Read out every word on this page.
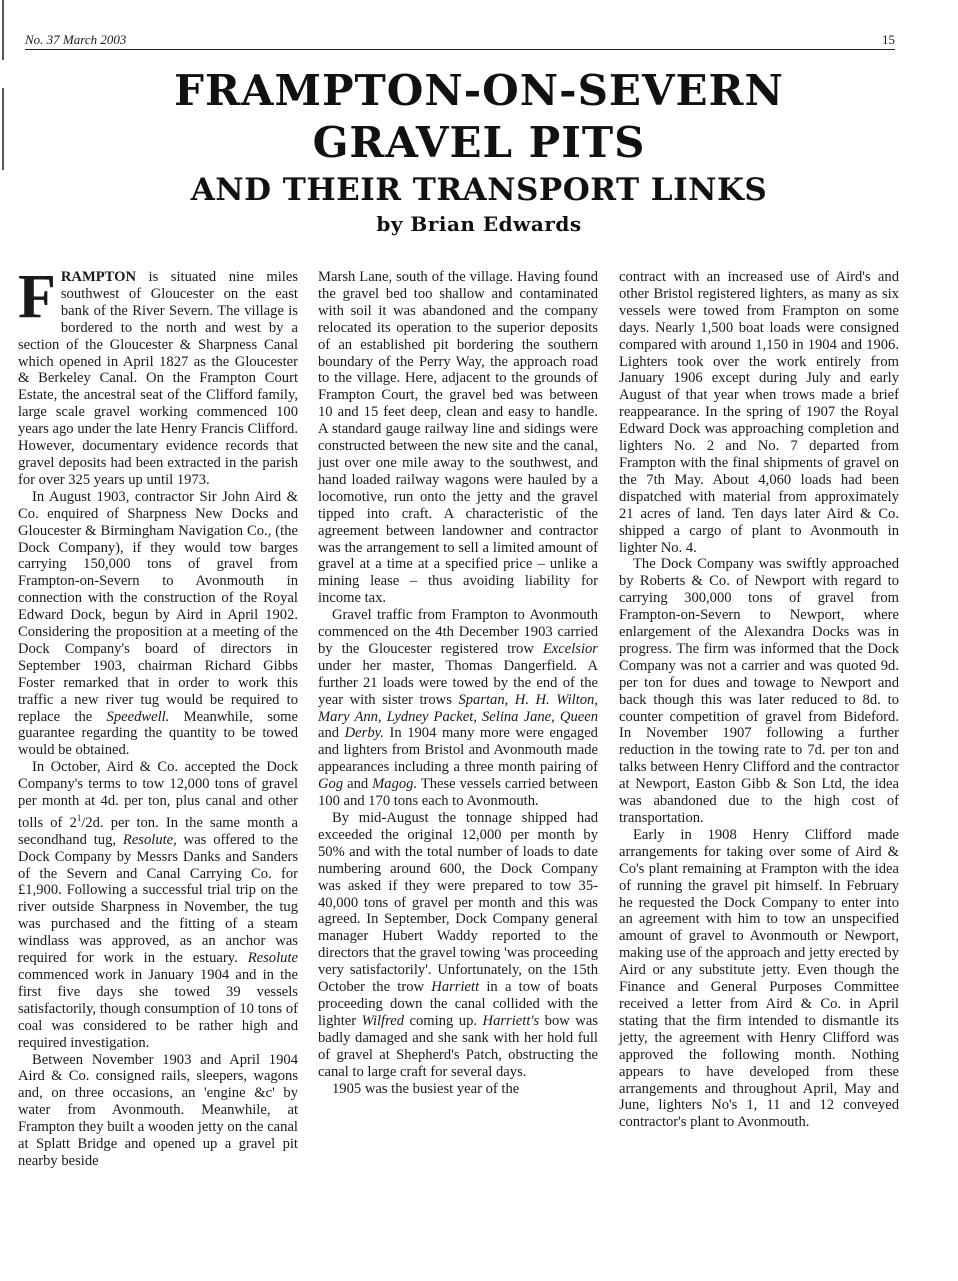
No. 37 March 2003	15
FRAMPTON-ON-SEVERN
GRAVEL PITS
AND THEIR TRANSPORT LINKS
by Brian Edwards

FRAMPTON is situated nine miles southwest of Gloucester on the east bank of the River Severn. The village is bordered to the north and west by a section of the Gloucester & Sharpness Canal which opened in April 1827 as the Gloucester & Berkeley Canal. On the Frampton Court Estate, the ancestral seat of the Clifford family, large scale gravel working commenced 100 years ago under the late Henry Francis Clifford. However, documentary evidence records that gravel deposits had been extracted in the parish for over 325 years up until 1973.

In August 1903, contractor Sir John Aird & Co. enquired of Sharpness New Docks and Gloucester & Birmingham Navigation Co., (the Dock Company), if they would tow barges carrying 150,000 tons of gravel from Frampton-on-Severn to Avonmouth in connection with the construction of the Royal Edward Dock, begun by Aird in April 1902. Considering the proposition at a meeting of the Dock Company's board of directors in September 1903, chairman Richard Gibbs Foster remarked that in order to work this traffic a new river tug would be required to replace the Speedwell. Meanwhile, some guarantee regarding the quantity to be towed would be obtained.

In October, Aird & Co. accepted the Dock Company's terms to tow 12,000 tons of gravel per month at 4d. per ton, plus canal and other tolls of $2^1/2d$. per ton. In the same month a secondhand tug, Resolute, was offered to the Dock Company by Messrs Danks and Sanders of the Severn and Canal Carrying Co. for £1,900. Following a successful trial trip on the river outside Sharpness in November, the tug was purchased and the fitting of a steam windlass was approved, as an anchor was required for work in the estuary. Resolute commenced work in January 1904 and in the first five days she towed 39 vessels satisfactorily, though consumption of 10 tons of coal was considered to be rather high and required investigation.

Between November 1903 and April 1904 Aird & Co. consigned rails, sleepers, wagons and, on three occasions, an 'engine &c' by water from Avonmouth. Meanwhile, at Frampton they built a wooden jetty on the canal at Splatt Bridge and opened up a gravel pit nearby beside

Marsh Lane, south of the village. Having found the gravel bed too shallow and contaminated with soil it was abandoned and the company relocated its operation to the superior deposits of an established pit bordering the southern boundary of the Perry Way, the approach road to the village. Here, adjacent to the grounds of Frampton Court, the gravel bed was between 10 and 15 feet deep, clean and easy to handle. A standard gauge railway line and sidings were constructed between the new site and the canal, just over one mile away to the southwest, and hand loaded railway wagons were hauled by a locomotive, run onto the jetty and the gravel tipped into craft. A characteristic of the agreement between landowner and contractor was the arrangement to sell a limited amount of gravel at a time at a specified price – unlike a mining lease – thus avoiding liability for income tax.

Gravel traffic from Frampton to Avonmouth commenced on the 4th December 1903 carried by the Gloucester registered trow Excelsior under her master, Thomas Dangerfield. A further 21 loads were towed by the end of the year with sister trows Spartan, H. H. Wilton, Mary Ann, Lydney Packet, Selina Jane, Queen and Derby. In 1904 many more were engaged and lighters from Bristol and Avonmouth made appearances including a three month pairing of Gog and Magog. These vessels carried between 100 and 170 tons each to Avonmouth.

By mid-August the tonnage shipped had exceeded the original 12,000 per month by 50% and with the total number of loads to date numbering around 600, the Dock Company was asked if they were prepared to tow 35-40,000 tons of gravel per month and this was agreed. In September, Dock Company general manager Hubert Waddy reported to the directors that the gravel towing 'was proceeding very satisfactorily'. Unfortunately, on the 15th October the trow Harriett in a tow of boats proceeding down the canal collided with the lighter Wilfred coming up. Harriett's bow was badly damaged and she sank with her hold full of gravel at Shepherd's Patch, obstructing the canal to large craft for several days.

1905 was the busiest year of the

contract with an increased use of Aird's and other Bristol registered lighters, as many as six vessels were towed from Frampton on some days. Nearly 1,500 boat loads were consigned compared with around 1,150 in 1904 and 1906. Lighters took over the work entirely from January 1906 except during July and early August of that year when trows made a brief reappearance. In the spring of 1907 the Royal Edward Dock was approaching completion and lighters No. 2 and No. 7 departed from Frampton with the final shipments of gravel on the 7th May. About 4,060 loads had been dispatched with material from approximately 21 acres of land. Ten days later Aird & Co. shipped a cargo of plant to Avonmouth in lighter No. 4.

The Dock Company was swiftly approached by Roberts & Co. of Newport with regard to carrying 300,000 tons of gravel from Frampton-on-Severn to Newport, where enlargement of the Alexandra Docks was in progress. The firm was informed that the Dock Company was not a carrier and was quoted 9d. per ton for dues and towage to Newport and back though this was later reduced to 8d. to counter competition of gravel from Bideford. In November 1907 following a further reduction in the towing rate to 7d. per ton and talks between Henry Clifford and the contractor at Newport, Easton Gibb & Son Ltd, the idea was abandoned due to the high cost of transportation.

Early in 1908 Henry Clifford made arrangements for taking over some of Aird & Co's plant remaining at Frampton with the idea of running the gravel pit himself. In February he requested the Dock Company to enter into an agreement with him to tow an unspecified amount of gravel to Avonmouth or Newport, making use of the approach and jetty erected by Aird or any substitute jetty. Even though the Finance and General Purposes Committee received a letter from Aird & Co. in April stating that the firm intended to dismantle its jetty, the agreement with Henry Clifford was approved the following month. Nothing appears to have developed from these arrangements and throughout April, May and June, lighters No's 1, 11 and 12 conveyed contractor's plant to Avonmouth.
